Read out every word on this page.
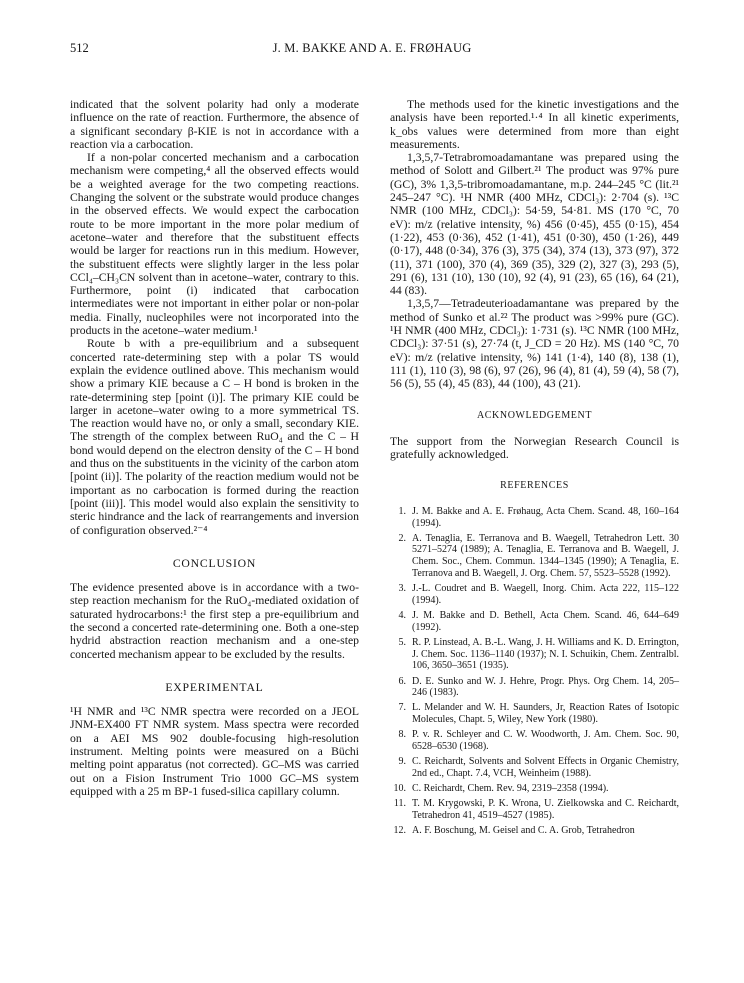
512	J. M. BAKKE AND A. E. FRØHAUG

indicated that the solvent polarity had only a moderate influence on the rate of reaction. Furthermore, the absence of a significant secondary β-KIE is not in accordance with a reaction via a carbocation.

If a non-polar concerted mechanism and a carbocation mechanism were competing,⁴ all the observed effects would be a weighted average for the two competing reactions. Changing the solvent or the substrate would produce changes in the observed effects. We would expect the carbocation route to be more important in the more polar medium of acetone–water and therefore that the substituent effects would be larger for reactions run in this medium. However, the substituent effects were slightly larger in the less polar CCl₄–CH₃CN solvent than in acetone–water, contrary to this. Furthermore, point (i) indicated that carbocation intermediates were not important in either polar or non-polar media. Finally, nucleophiles were not incorporated into the products in the acetone–water medium.¹

Route b with a pre-equilibrium and a subsequent concerted rate-determining step with a polar TS would explain the evidence outlined above. This mechanism would show a primary KIE because a C – H bond is broken in the rate-determining step [point (i)]. The primary KIE could be larger in acetone–water owing to a more symmetrical TS. The reaction would have no, or only a small, secondary KIE. The strength of the complex between RuO₄ and the C – H bond would depend on the electron density of the C – H bond and thus on the substituents in the vicinity of the carbon atom [point (ii)]. The polarity of the reaction medium would not be important as no carbocation is formed during the reaction [point (iii)]. This model would also explain the sensitivity to steric hindrance and the lack of rearrangements and inversion of configuration observed.²⁻⁴

CONCLUSION

The evidence presented above is in accordance with a two-step reaction mechanism for the RuO₄-mediated oxidation of saturated hydrocarbons:¹ the first step a pre-equilibrium and the second a concerted rate-determining one. Both a one-step hydrid abstraction reaction mechanism and a one-step concerted mechanism appear to be excluded by the results.

EXPERIMENTAL

¹H NMR and ¹³C NMR spectra were recorded on a JEOL JNM-EX400 FT NMR system. Mass spectra were recorded on a AEI MS 902 double-focusing high-resolution instrument. Melting points were measured on a Büchi melting point apparatus (not corrected). GC–MS was carried out on a Fision Instrument Trio 1000 GC–MS system equipped with a 25 m BP-1 fused-silica capillary column.

The methods used for the kinetic investigations and the analysis have been reported.¹·⁴ In all kinetic experiments, k_obs values were determined from more than eight measurements.

1,3,5,7-Tetrabromoadamantane was prepared using the method of Solott and Gilbert.²¹ The product was 97% pure (GC), 3% 1,3,5-tribromoadamantane, m.p. 244–245 °C (lit.²¹ 245–247 °C). ¹H NMR (400 MHz, CDCl₃): 2·704 (s). ¹³C NMR (100 MHz, CDCl₃): 54·59, 54·81. MS (170 °C, 70 eV): m/z (relative intensity, %) 456 (0·45), 455 (0·15), 454 (1·22), 453 (0·36), 452 (1·41), 451 (0·30), 450 (1·26), 449 (0·17), 448 (0·34), 376 (3), 375 (34), 374 (13), 373 (97), 372 (11), 371 (100), 370 (4), 369 (35), 329 (2), 327 (3), 293 (5), 291 (6), 131 (10), 130 (10), 92 (4), 91 (23), 65 (16), 64 (21), 44 (83).

1,3,5,7—Tetradeuterioadamantane was prepared by the method of Sunko et al.²² The product was >99% pure (GC). ¹H NMR (400 MHz, CDCl₃): 1·731 (s). ¹³C NMR (100 MHz, CDCl₃): 37·51 (s), 27·74 (t, J_CD = 20 Hz). MS (140 °C, 70 eV): m/z (relative intensity, %) 141 (1·4), 140 (8), 138 (1), 111 (1), 110 (3), 98 (6), 97 (26), 96 (4), 81 (4), 59 (4), 58 (7), 56 (5), 55 (4), 45 (83), 44 (100), 43 (21).

ACKNOWLEDGEMENT

The support from the Norwegian Research Council is gratefully acknowledged.

REFERENCES
1. J. M. Bakke and A. E. Frøhaug, Acta Chem. Scand. 48, 160–164 (1994).
2. A. Tenaglia, E. Terranova and B. Waegell, Tetrahedron Lett. 30 5271–5274 (1989); A. Tenaglia, E. Terranova and B. Waegell, J. Chem. Soc., Chem. Commun. 1344–1345 (1990); A Tenaglia, E. Terranova and B. Waegell, J. Org. Chem. 57, 5523–5528 (1992).
3. J.-L. Coudret and B. Waegell, Inorg. Chim. Acta 222, 115–122 (1994).
4. J. M. Bakke and D. Bethell, Acta Chem. Scand. 46, 644–649 (1992).
5. R. P. Linstead, A. B.-L. Wang, J. H. Williams and K. D. Errington, J. Chem. Soc. 1136–1140 (1937); N. I. Schuikin, Chem. Zentralbl. 106, 3650–3651 (1935).
6. D. E. Sunko and W. J. Hehre, Progr. Phys. Org Chem. 14, 205–246 (1983).
7. L. Melander and W. H. Saunders, Jr, Reaction Rates of Isotopic Molecules, Chapt. 5, Wiley, New York (1980).
8. P. v. R. Schleyer and C. W. Woodworth, J. Am. Chem. Soc. 90, 6528–6530 (1968).
9. C. Reichardt, Solvents and Solvent Effects in Organic Chemistry, 2nd ed., Chapt. 7.4, VCH, Weinheim (1988).
10. C. Reichardt, Chem. Rev. 94, 2319–2358 (1994).
11. T. M. Krygowski, P. K. Wrona, U. Zielkowska and C. Reichardt, Tetrahedron 41, 4519–4527 (1985).
12. A. F. Boschung, M. Geisel and C. A. Grob, Tetrahedron
